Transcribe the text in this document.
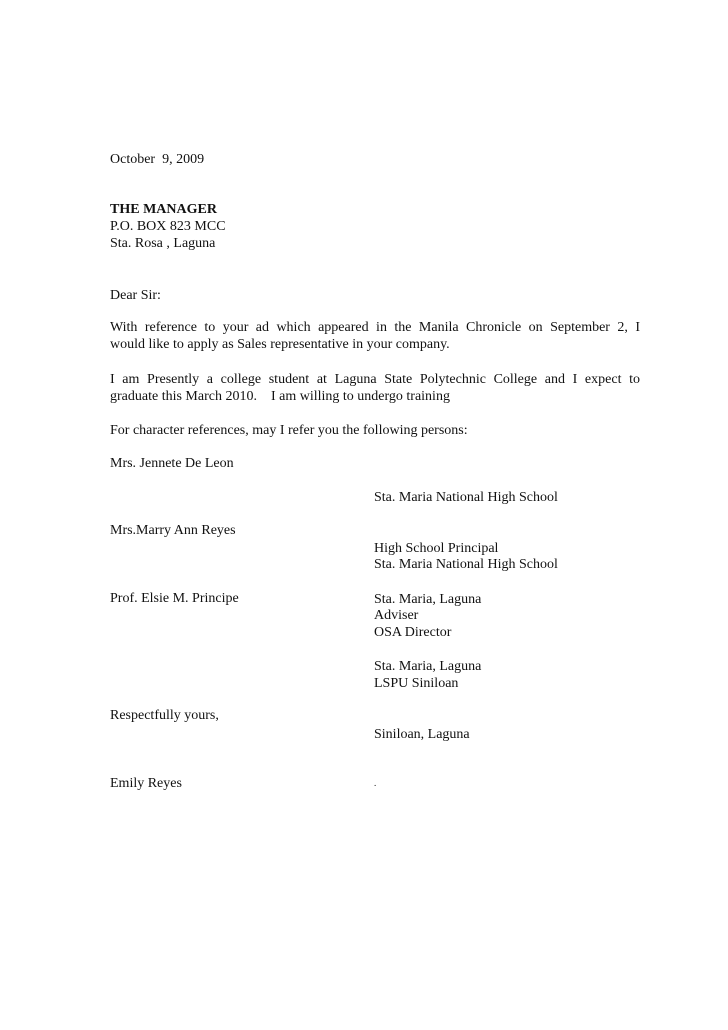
October  9, 2009
THE MANAGER
P.O. BOX 823 MCC
Sta. Rosa , Laguna
Dear Sir:
With reference to your ad which appeared in the Manila Chronicle on September 2, I
would like to apply as Sales representative in your company.
I am Presently a college student at Laguna State Polytechnic College and I expect to
graduate this March 2010.    I am willing to undergo training
For character references, may I refer you the following persons:
Mrs. Jennete De Leon

Sta. Maria National High School

High School Principal

Sta. Maria, Laguna

Mrs.Marry Ann Reyes

Sta. Maria National High School

Adviser

Sta. Maria, Laguna

Prof. Elsie M. Principe

OSA Director

LSPU Siniloan

Siniloan, Laguna

.

Respectfully yours,
Emily Reyes
